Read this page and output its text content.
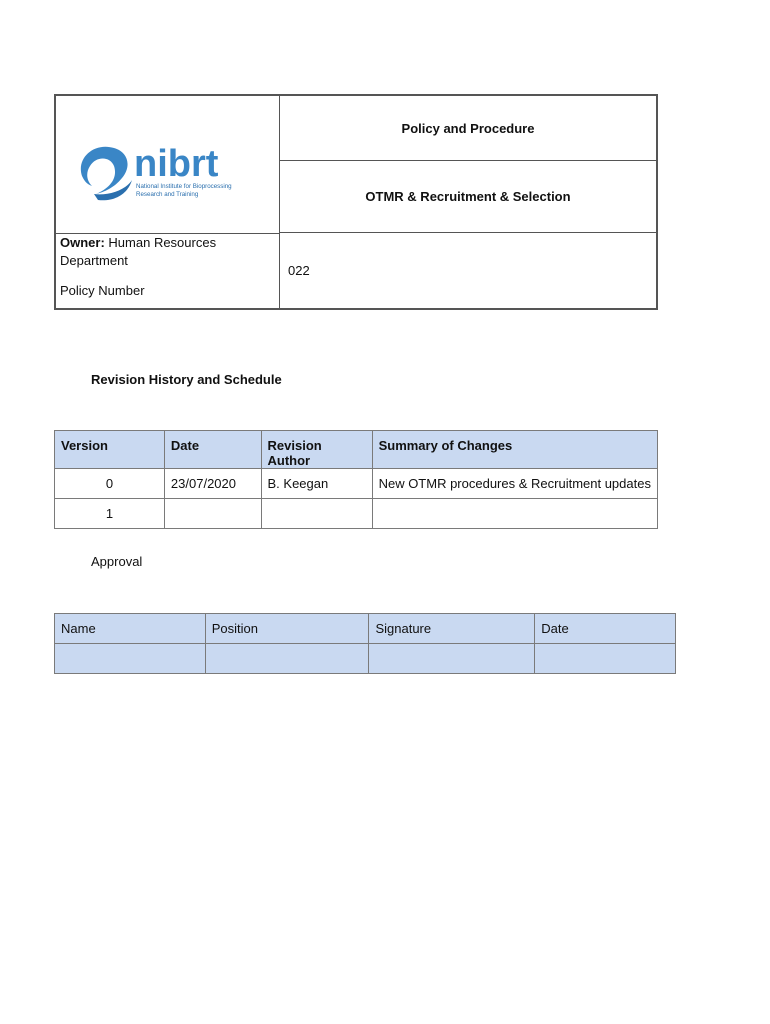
nibrt
National Institute for Bioprocessing
Research and Training
Policy and Procedure
OTMR & Recruitment & Selection
Owner: Human Resources Department
Policy Number
022
Revision History and Schedule
Version	Date	Revision Author	Summary of Changes
0	23/07/2020	B. Keegan	New OTMR procedures & Recruitment updates
1			
Approval
Name	Position	Signature	Date
